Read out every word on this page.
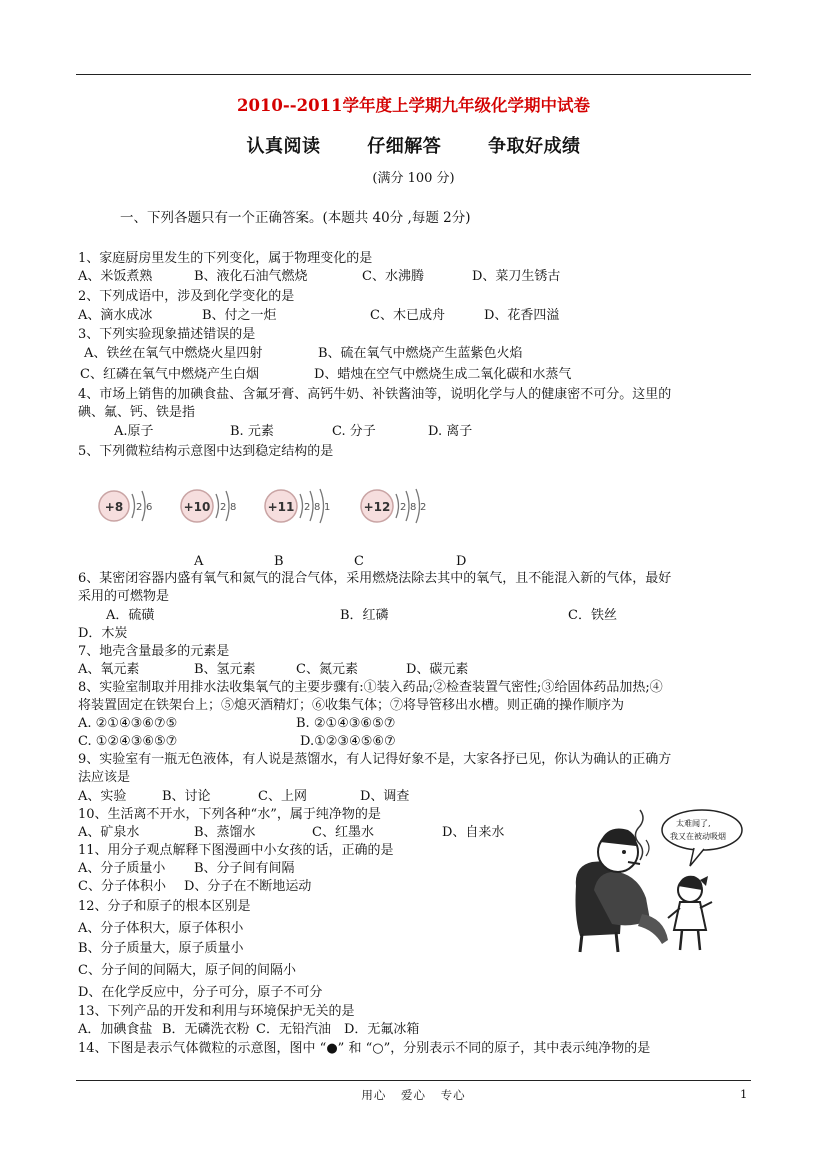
2010--2011学年度上学期九年级化学期中试卷
认真阅读	仔细解答	争取好成绩
(满分 100 分)
一、下列各题只有一个正确答案。(本题共 40分 ,每题 2分)
1、家庭厨房里发生的下列变化，属于物理变化的是
A、米饭煮熟	B、液化石油气燃烧	C、水沸腾	D、菜刀生锈古
2、下列成语中，涉及到化学变化的是
A、滴水成冰	B、付之一炬	C、木已成舟	D、花香四溢
3、下列实验现象描述错误的是
A、铁丝在氧气中燃烧火星四射	B、硫在氧气中燃烧产生蓝紫色火焰
C、红磷在氧气中燃烧产生白烟	D、蜡烛在空气中燃烧生成二氧化碳和水蒸气
4、市场上销售的加碘食盐、含氟牙膏、高钙牛奶、补铁酱油等，说明化学与人的健康密不可分。这里的
碘、氟、钙、铁是指
A.原子	B. 元素	C. 分子	D. 离子
5、下列微粒结构示意图中达到稳定结构的是
+8 2 6	+10 2 8	+11 2 8 1	+12 2 8 2
A	B	C	D
6、某密闭容器内盛有氧气和氮气的混合气体，采用燃烧法除去其中的氧气，且不能混入新的气体，最好
采用的可燃物是
A．硫磺	B．红磷	C．铁丝
D．木炭
7、地壳含量最多的元素是
A、氧元素	B、氢元素	C、氮元素	D、碳元素
8、实验室制取并用排水法收集氧气的主要步骤有:①装入药品;②检查装置气密性;③给固体药品加热;④
将装置固定在铁架台上；⑤熄灭酒精灯；⑥收集气体；⑦将导管移出水槽。则正确的操作顺序为
A. ②①④③⑥⑦⑤	B. ②①④③⑥⑤⑦
C. ①②④③⑥⑤⑦	D.①②③④⑤⑥⑦
9、实验室有一瓶无色液体，有人说是蒸馏水，有人记得好象不是，大家各抒已见，你认为确认的正确方
法应该是
A、实验	B、讨论	C、上网	D、调查
10、生活离不开水，下列各种“水”，属于纯净物的是
A、矿泉水	B、蒸馏水	C、红墨水	D、自来水
11、用分子观点解释下图漫画中小女孩的话，正确的是
A、分子质量小 B、分子间有间隔
C、分子体积小 D、分子在不断地运动
太难闻了,
我又在被动吸烟
12、分子和原子的根本区别是
A、分子体积大，原子体积小
B、分子质量大，原子质量小
C、分子间的间隔大，原子间的间隔小
D、在化学反应中，分子可分，原子不可分
13、下列产品的开发和利用与环境保护无关的是
A．加碘食盐 B．无磷洗衣粉 C．无铅汽油 D．无氟冰箱
14、下图是表示气体微粒的示意图，图中 “●” 和 “○”，分别表示不同的原子，其中表示纯净物的是
用心 爱心 专心	1
